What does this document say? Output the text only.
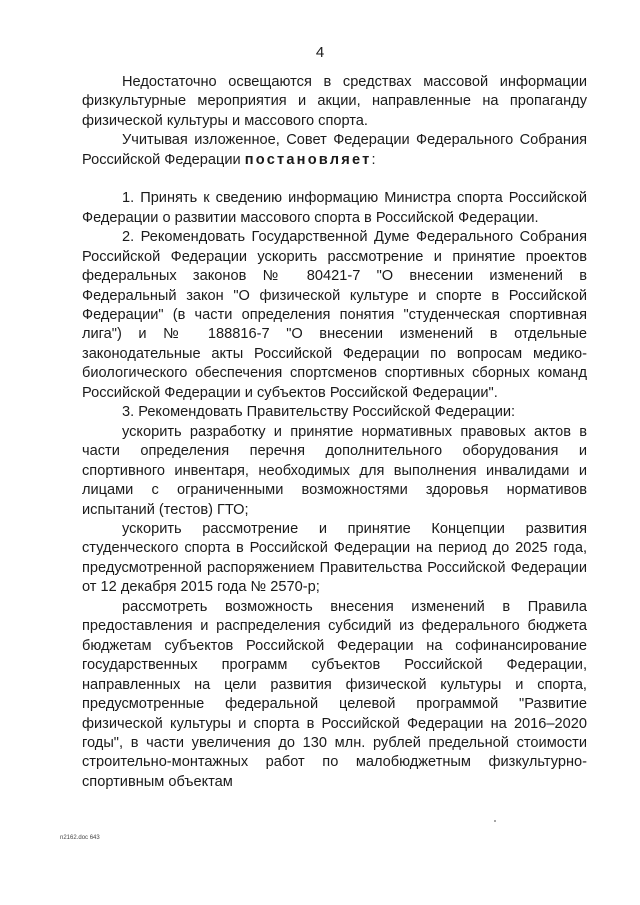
4

Недостаточно освещаются в средствах массовой информации физкультурные мероприятия и акции, направленные на пропаганду физической культуры и массового спорта.

Учитывая изложенное, Совет Федерации Федерального Собрания Российской Федерации постановляет:

1. Принять к сведению информацию Министра спорта Российской Федерации о развитии массового спорта в Российской Федерации.

2. Рекомендовать Государственной Думе Федерального Собрания Российской Федерации ускорить рассмотрение и принятие проектов федеральных законов № 80421-7 "О внесении изменений в Федеральный закон "О физической культуре и спорте в Российской Федерации" (в части определения понятия "студенческая спортивная лига") и № 188816-7 "О внесении изменений в отдельные законодательные акты Российской Федерации по вопросам медико-биологического обеспечения спортсменов спортивных сборных команд Российской Федерации и субъектов Российской Федерации".

3. Рекомендовать Правительству Российской Федерации:

ускорить разработку и принятие нормативных правовых актов в части определения перечня дополнительного оборудования и спортивного инвентаря, необходимых для выполнения инвалидами и лицами с ограниченными возможностями здоровья нормативов испытаний (тестов) ГТО;

ускорить рассмотрение и принятие Концепции развития студенческого спорта в Российской Федерации на период до 2025 года, предусмотренной распоряжением Правительства Российской Федерации от 12 декабря 2015 года № 2570-р;

рассмотреть возможность внесения изменений в Правила предоставления и распределения субсидий из федерального бюджета бюджетам субъектов Российской Федерации на софинансирование государственных программ субъектов Российской Федерации, направленных на цели развития физической культуры и спорта, предусмотренные федеральной целевой программой "Развитие физической культуры и спорта в Российской Федерации на 2016–2020 годы", в части увеличения до 130 млн. рублей предельной стоимости строительно-монтажных работ по малобюджетным физкультурно-спортивным объектам

n2162.doc 643
